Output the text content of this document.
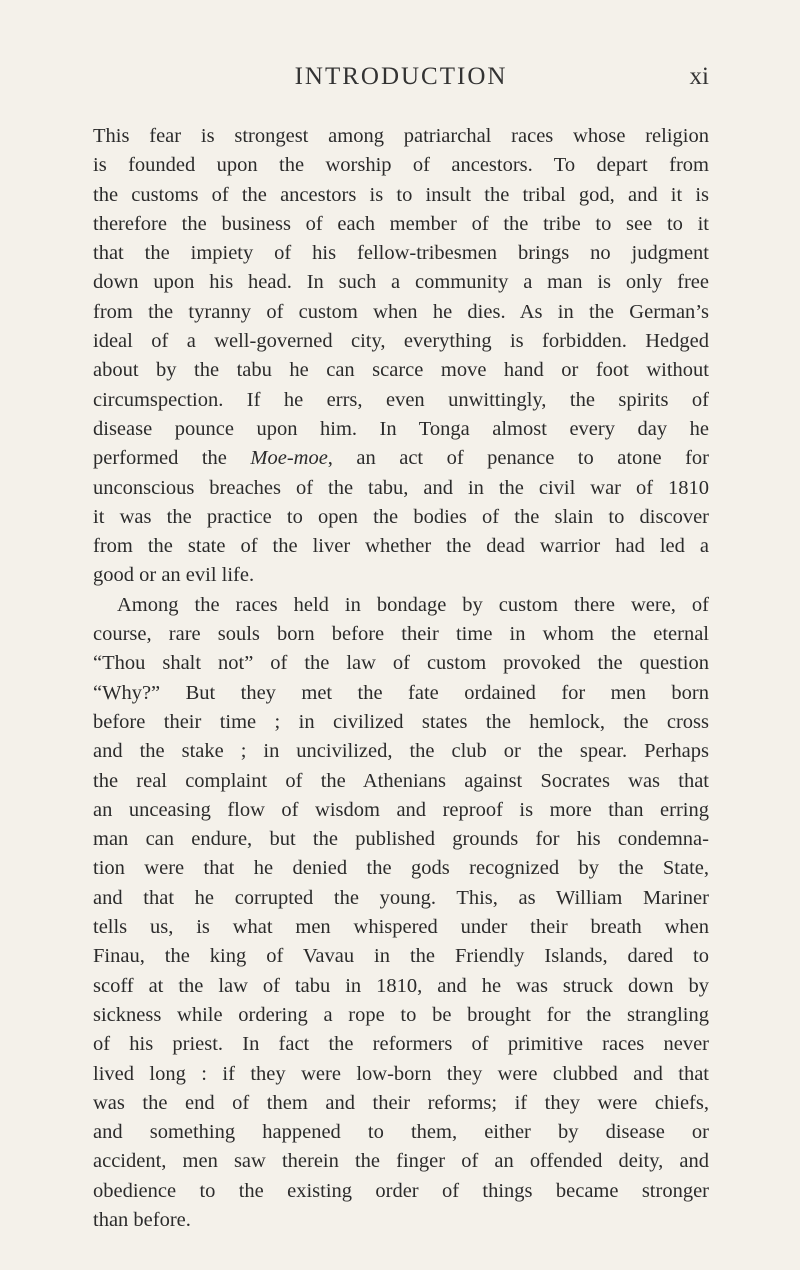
INTRODUCTION	xi
This fear is strongest among patriarchal races whose religion
is founded upon the worship of ancestors. To depart from
the customs of the ancestors is to insult the tribal god, and it is
therefore the business of each member of the tribe to see to it
that the impiety of his fellow-tribesmen brings no judgment
down upon his head. In such a community a man is only free
from the tyranny of custom when he dies. As in the German’s
ideal of a well-governed city, everything is forbidden. Hedged
about by the tabu he can scarce move hand or foot without
circumspection. If he errs, even unwittingly, the spirits of
disease pounce upon him. In Tonga almost every day he
performed the Moe-moe, an act of penance to atone for
unconscious breaches of the tabu, and in the civil war of 1810
it was the practice to open the bodies of the slain to discover
from the state of the liver whether the dead warrior had led a
good or an evil life.
Among the races held in bondage by custom there were, of
course, rare souls born before their time in whom the eternal
“Thou shalt not” of the law of custom provoked the question
“Why?” But they met the fate ordained for men born
before their time ; in civilized states the hemlock, the cross
and the stake ; in uncivilized, the club or the spear. Perhaps
the real complaint of the Athenians against Socrates was that
an unceasing flow of wisdom and reproof is more than erring
man can endure, but the published grounds for his condemna-
tion were that he denied the gods recognized by the State,
and that he corrupted the young. This, as William Mariner
tells us, is what men whispered under their breath when
Finau, the king of Vavau in the Friendly Islands, dared to
scoff at the law of tabu in 1810, and he was struck down by
sickness while ordering a rope to be brought for the strangling
of his priest. In fact the reformers of primitive races never
lived long : if they were low-born they were clubbed and that
was the end of them and their reforms; if they were chiefs,
and something happened to them, either by disease or
accident, men saw therein the finger of an offended deity, and
obedience to the existing order of things became stronger
than before.
